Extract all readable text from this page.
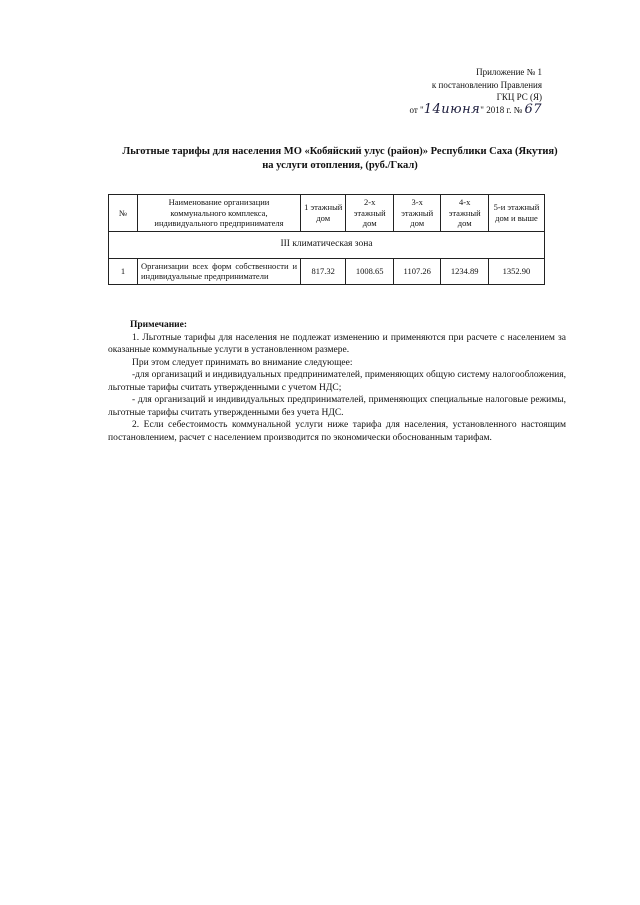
Приложение № 1
к постановлению Правления
ГКЦ РС (Я)
от "14июня" 2018 г. № 67
Льготные тарифы для населения МО «Кобяйский улус (район)» Республики Саха (Якутия)
на услуги отопления, (руб./Гкал)
№	Наименование организации коммунального комплекса, индивидуального предпринимателя	1 этажный дом	2-х этажный дом	3-х этажный дом	4-х этажный дом	5-и этажный дом и выше
III климатическая зона						
1	Организации всех форм собственности и индивидуальные предприниматели	817.32	1008.65	1107.26	1234.89	1352.90
Примечание:

1. Льготные тарифы для населения не подлежат изменению и применяются при расчете с населением за оказанные коммунальные услуги в установленном размере.

При этом следует принимать во внимание следующее:

-для организаций и индивидуальных предпринимателей, применяющих общую систему налогообложения, льготные тарифы считать утвержденными с учетом НДС;

- для организаций и индивидуальных предпринимателей, применяющих специальные налоговые режимы, льготные тарифы считать утвержденными без учета НДС.

2. Если себестоимость коммунальной услуги ниже тарифа для населения, установленного настоящим постановлением, расчет с населением производится по экономически обоснованным тарифам.
